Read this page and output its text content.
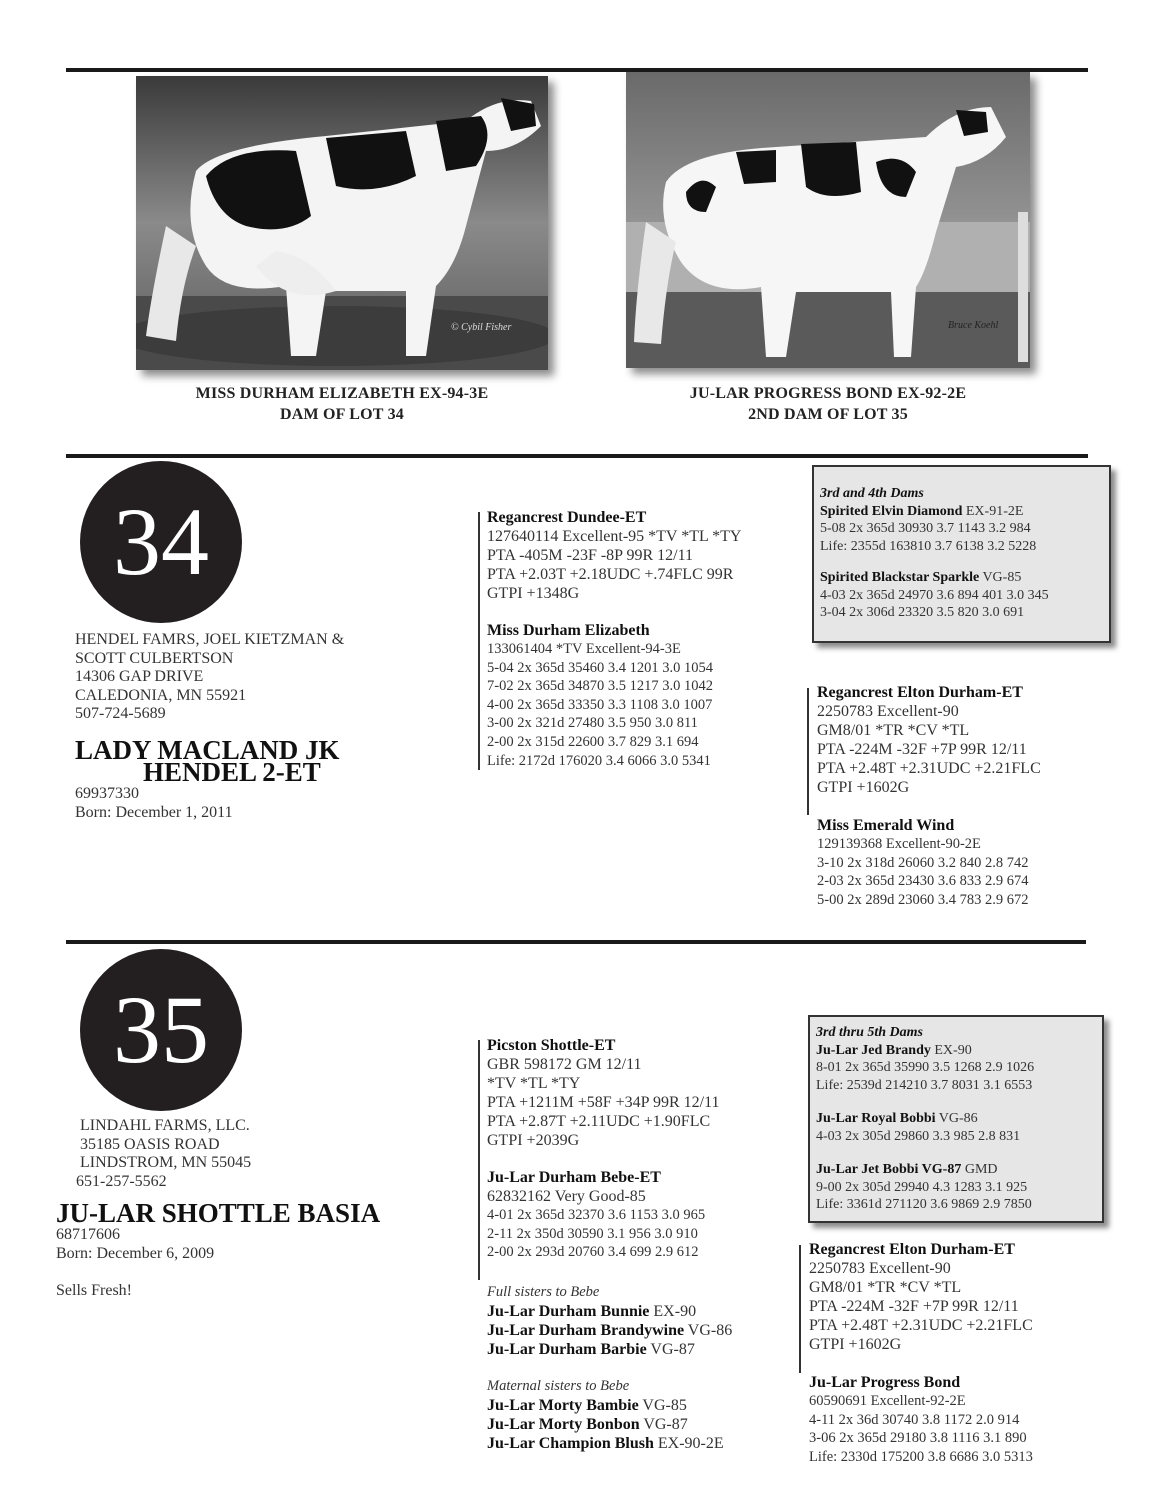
© Cybil Fisher
MISS DURHAM ELIZABETH EX-94-3E
DAM OF LOT 34
Bruce Koehl
JU-LAR PROGRESS BOND EX-92-2E
2ND DAM OF LOT 35
34
HENDEL FAMRS, JOEL KIETZMAN &
SCOTT CULBERTSON
14306 GAP DRIVE
CALEDONIA, MN 55921
507-724-5689
LADY MACLAND JK
HENDEL 2-ET
69937330
Born: December 1, 2011
Regancrest Dundee-ET
127640114 Excellent-95 *TV *TL *TY
PTA -405M -23F -8P 99R 12/11
PTA +2.03T +2.18UDC +.74FLC 99R
GTPI +1348G
Miss Durham Elizabeth
133061404 *TV Excellent-94-3E
5-04 2x 365d 35460 3.4 1201 3.0 1054
7-02 2x 365d 34870 3.5 1217 3.0 1042
4-00 2x 365d 33350 3.3 1108 3.0 1007
3-00 2x 321d 27480 3.5 950 3.0 811
2-00 2x 315d 22600 3.7 829 3.1 694
Life: 2172d 176020 3.4 6066 3.0 5341
3rd and 4th Dams
Spirited Elvin Diamond EX-91-2E
5-08 2x 365d 30930 3.7 1143 3.2 984
Life: 2355d 163810 3.7 6138 3.2 5228
Spirited Blackstar Sparkle VG-85
4-03 2x 365d 24970 3.6 894 401 3.0 345
3-04 2x 306d 23320 3.5 820 3.0 691
Regancrest Elton Durham-ET
2250783 Excellent-90
GM8/01 *TR *CV *TL
PTA -224M -32F +7P 99R 12/11
PTA +2.48T +2.31UDC +2.21FLC
GTPI +1602G
Miss Emerald Wind
129139368 Excellent-90-2E
3-10 2x 318d 26060 3.2 840 2.8 742
2-03 2x 365d 23430 3.6 833 2.9 674
5-00 2x 289d 23060 3.4 783 2.9 672
35
LINDAHL FARMS, LLC.
35185 OASIS ROAD
LINDSTROM, MN 55045
651-257-5562
JU-LAR SHOTTLE BASIA
68717606
Born: December 6, 2009
Sells Fresh!
Picston Shottle-ET
GBR 598172 GM 12/11
*TV *TL *TY
PTA +1211M +58F +34P 99R 12/11
PTA +2.87T +2.11UDC +1.90FLC
GTPI +2039G
Ju-Lar Durham Bebe-ET
62832162 Very Good-85
4-01 2x 365d 32370 3.6 1153 3.0 965
2-11 2x 350d 30590 3.1 956 3.0 910
2-00 2x 293d 20760 3.4 699 2.9 612
Full sisters to Bebe
Ju-Lar Durham Bunnie EX-90
Ju-Lar Durham Brandywine VG-86
Ju-Lar Durham Barbie VG-87
Maternal sisters to Bebe
Ju-Lar Morty Bambie VG-85
Ju-Lar Morty Bonbon VG-87
Ju-Lar Champion Blush EX-90-2E
3rd thru 5th Dams
Ju-Lar Jed Brandy EX-90
8-01 2x 365d 35990 3.5 1268 2.9 1026
Life: 2539d 214210 3.7 8031 3.1 6553
Ju-Lar Royal Bobbi VG-86
4-03 2x 305d 29860 3.3 985 2.8 831
Ju-Lar Jet Bobbi VG-87 GMD
9-00 2x 305d 29940 4.3 1283 3.1 925
Life: 3361d 271120 3.6 9869 2.9 7850
Regancrest Elton Durham-ET
2250783 Excellent-90
GM8/01 *TR *CV *TL
PTA -224M -32F +7P 99R 12/11
PTA +2.48T +2.31UDC +2.21FLC
GTPI +1602G
Ju-Lar Progress Bond
60590691 Excellent-92-2E
4-11 2x 36d 30740 3.8 1172 2.0 914
3-06 2x 365d 29180 3.8 1116 3.1 890
Life: 2330d 175200 3.8 6686 3.0 5313
